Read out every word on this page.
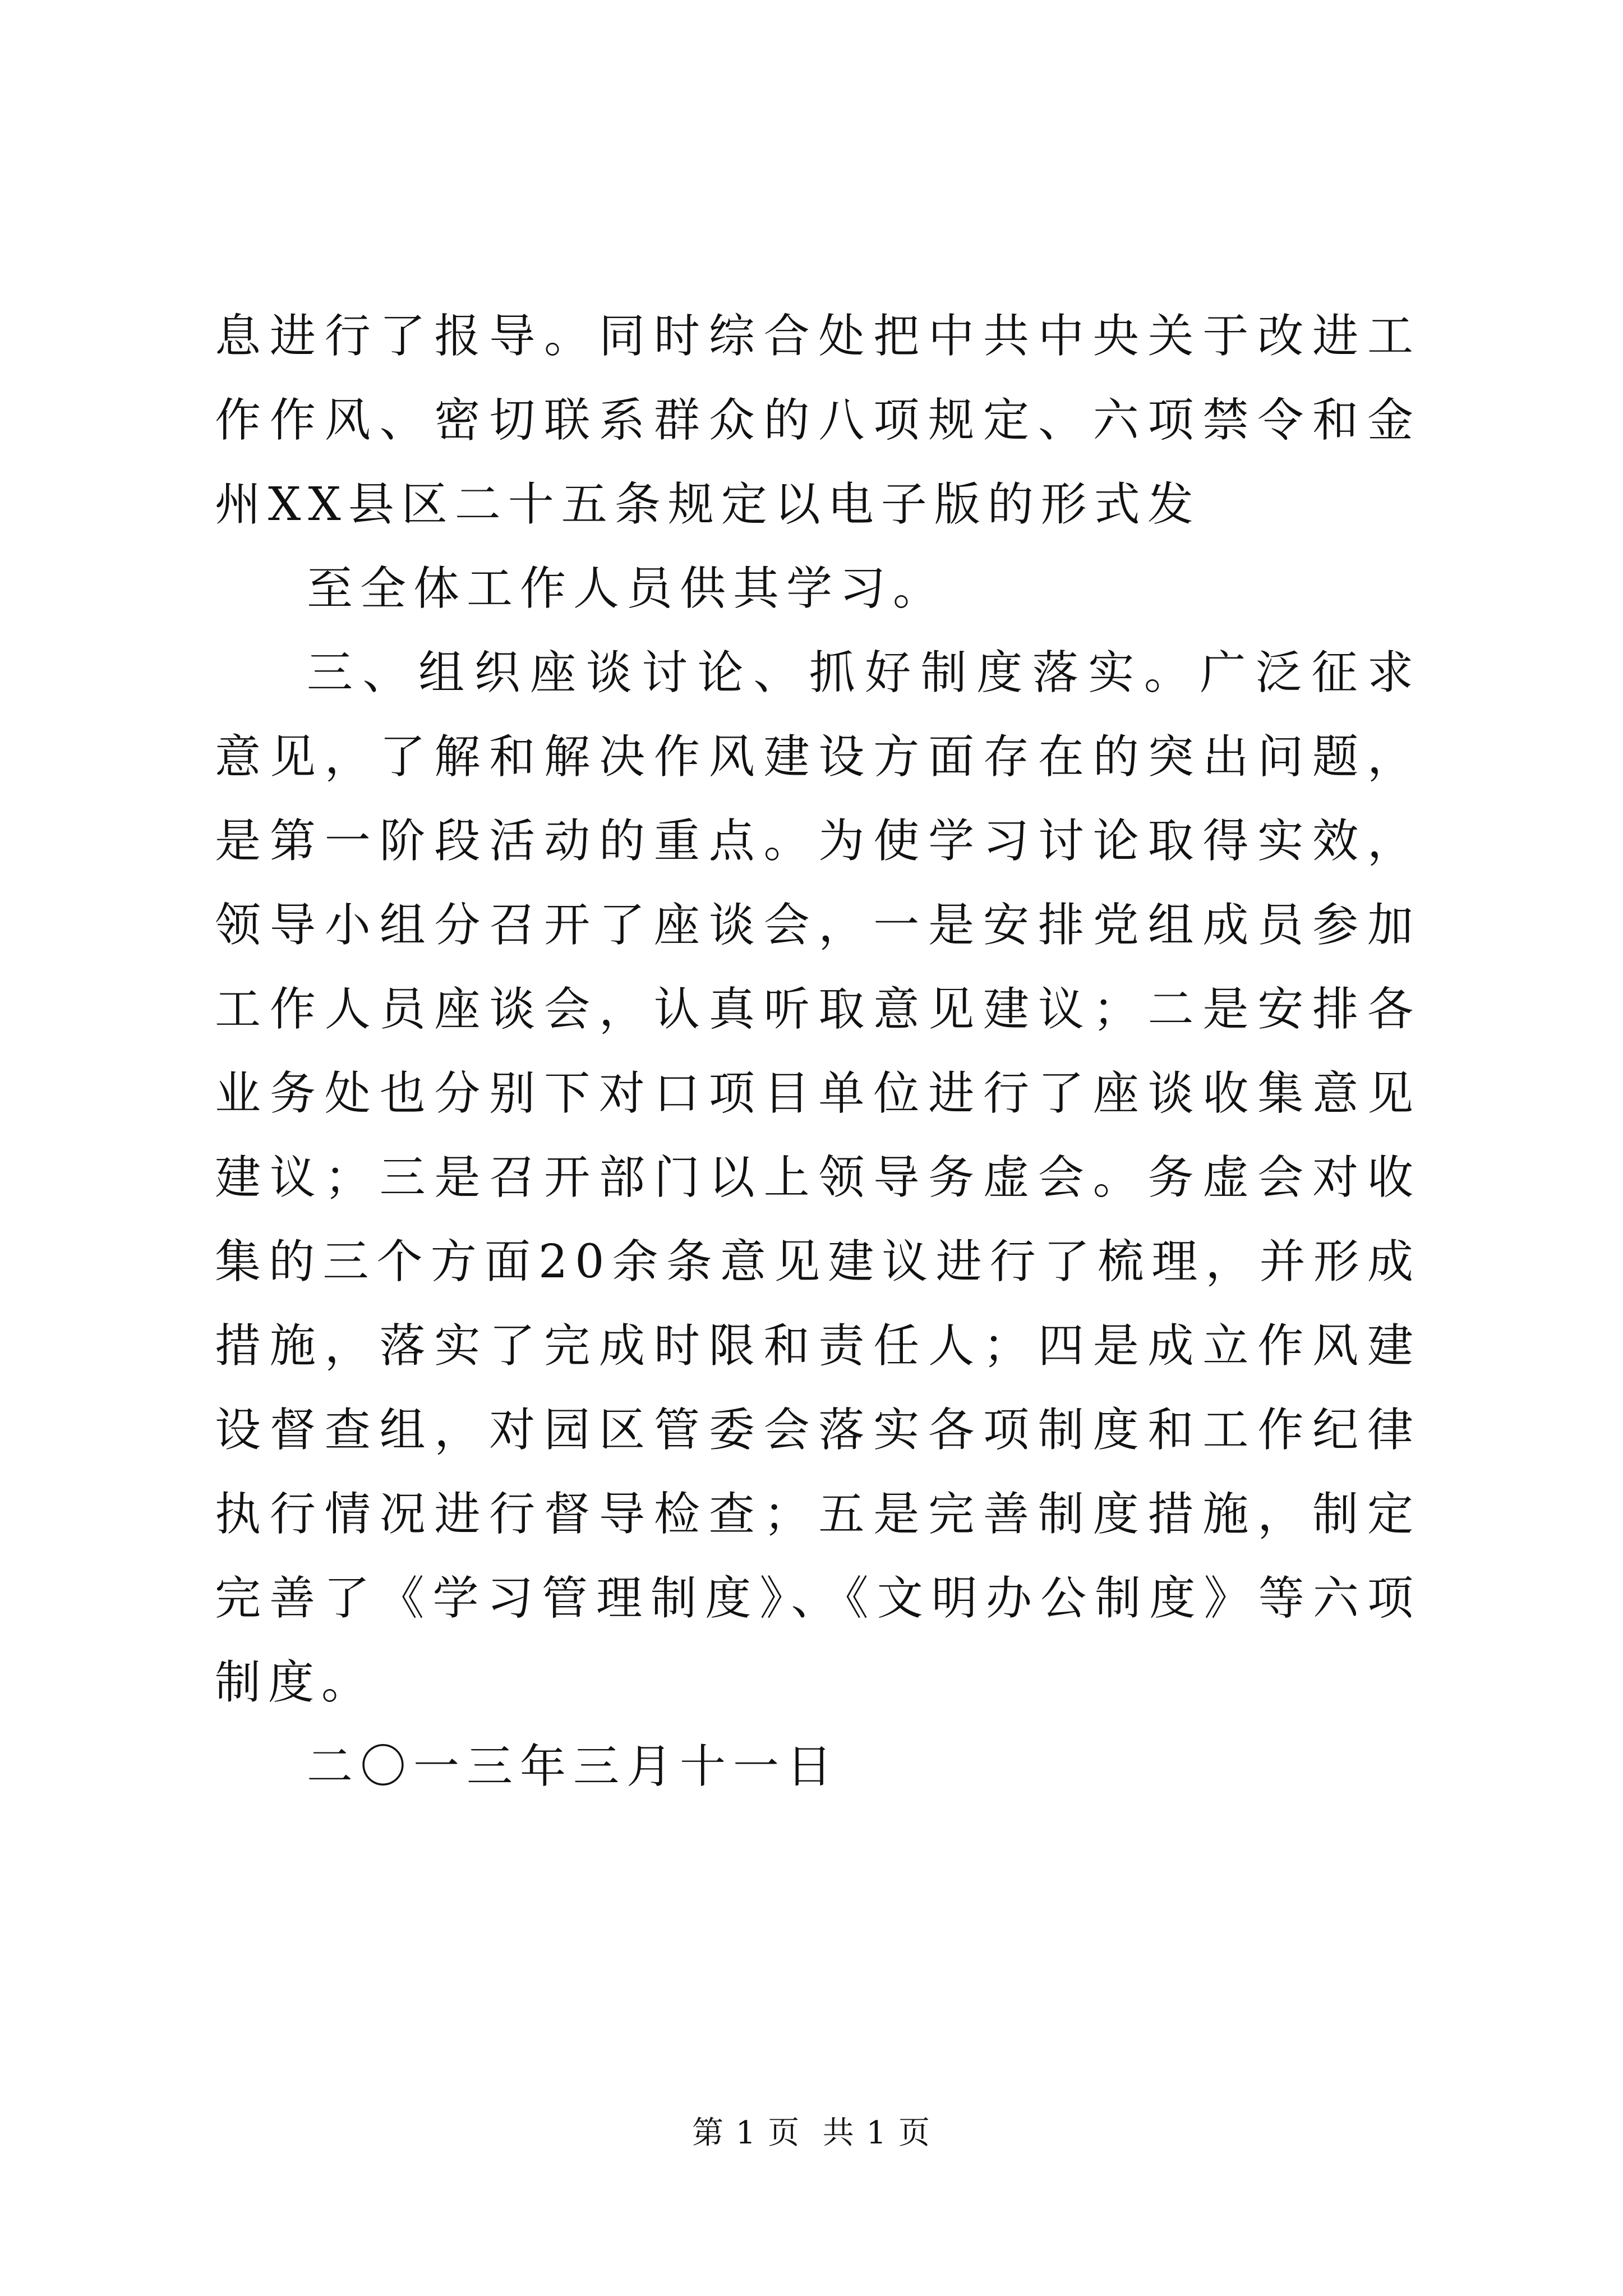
息进行了报导。同时综合处把中共中央关于改进工作作风、密切联系群众的八项规定、六项禁令和金州XX县区二十五条规定以电子版的形式发

至全体工作人员供其学习。

三、组织座谈讨论、抓好制度落实。广泛征求意见，了解和解决作风建设方面存在的突出问题，是第一阶段活动的重点。为使学习讨论取得实效，领导小组分召开了座谈会，一是安排党组成员参加工作人员座谈会，认真听取意见建议；二是安排各业务处也分别下对口项目单位进行了座谈收集意见建议；三是召开部门以上领导务虚会。务虚会对收集的三个方面20余条意见建议进行了梳理，并形成措施，落实了完成时限和责任人；四是成立作风建设督查组，对园区管委会落实各项制度和工作纪律执行情况进行督导检查；五是完善制度措施，制定完善了《学习管理制度》、《文明办公制度》等六项制度。

二〇一三年三月十一日

第 1 页  共 1 页
